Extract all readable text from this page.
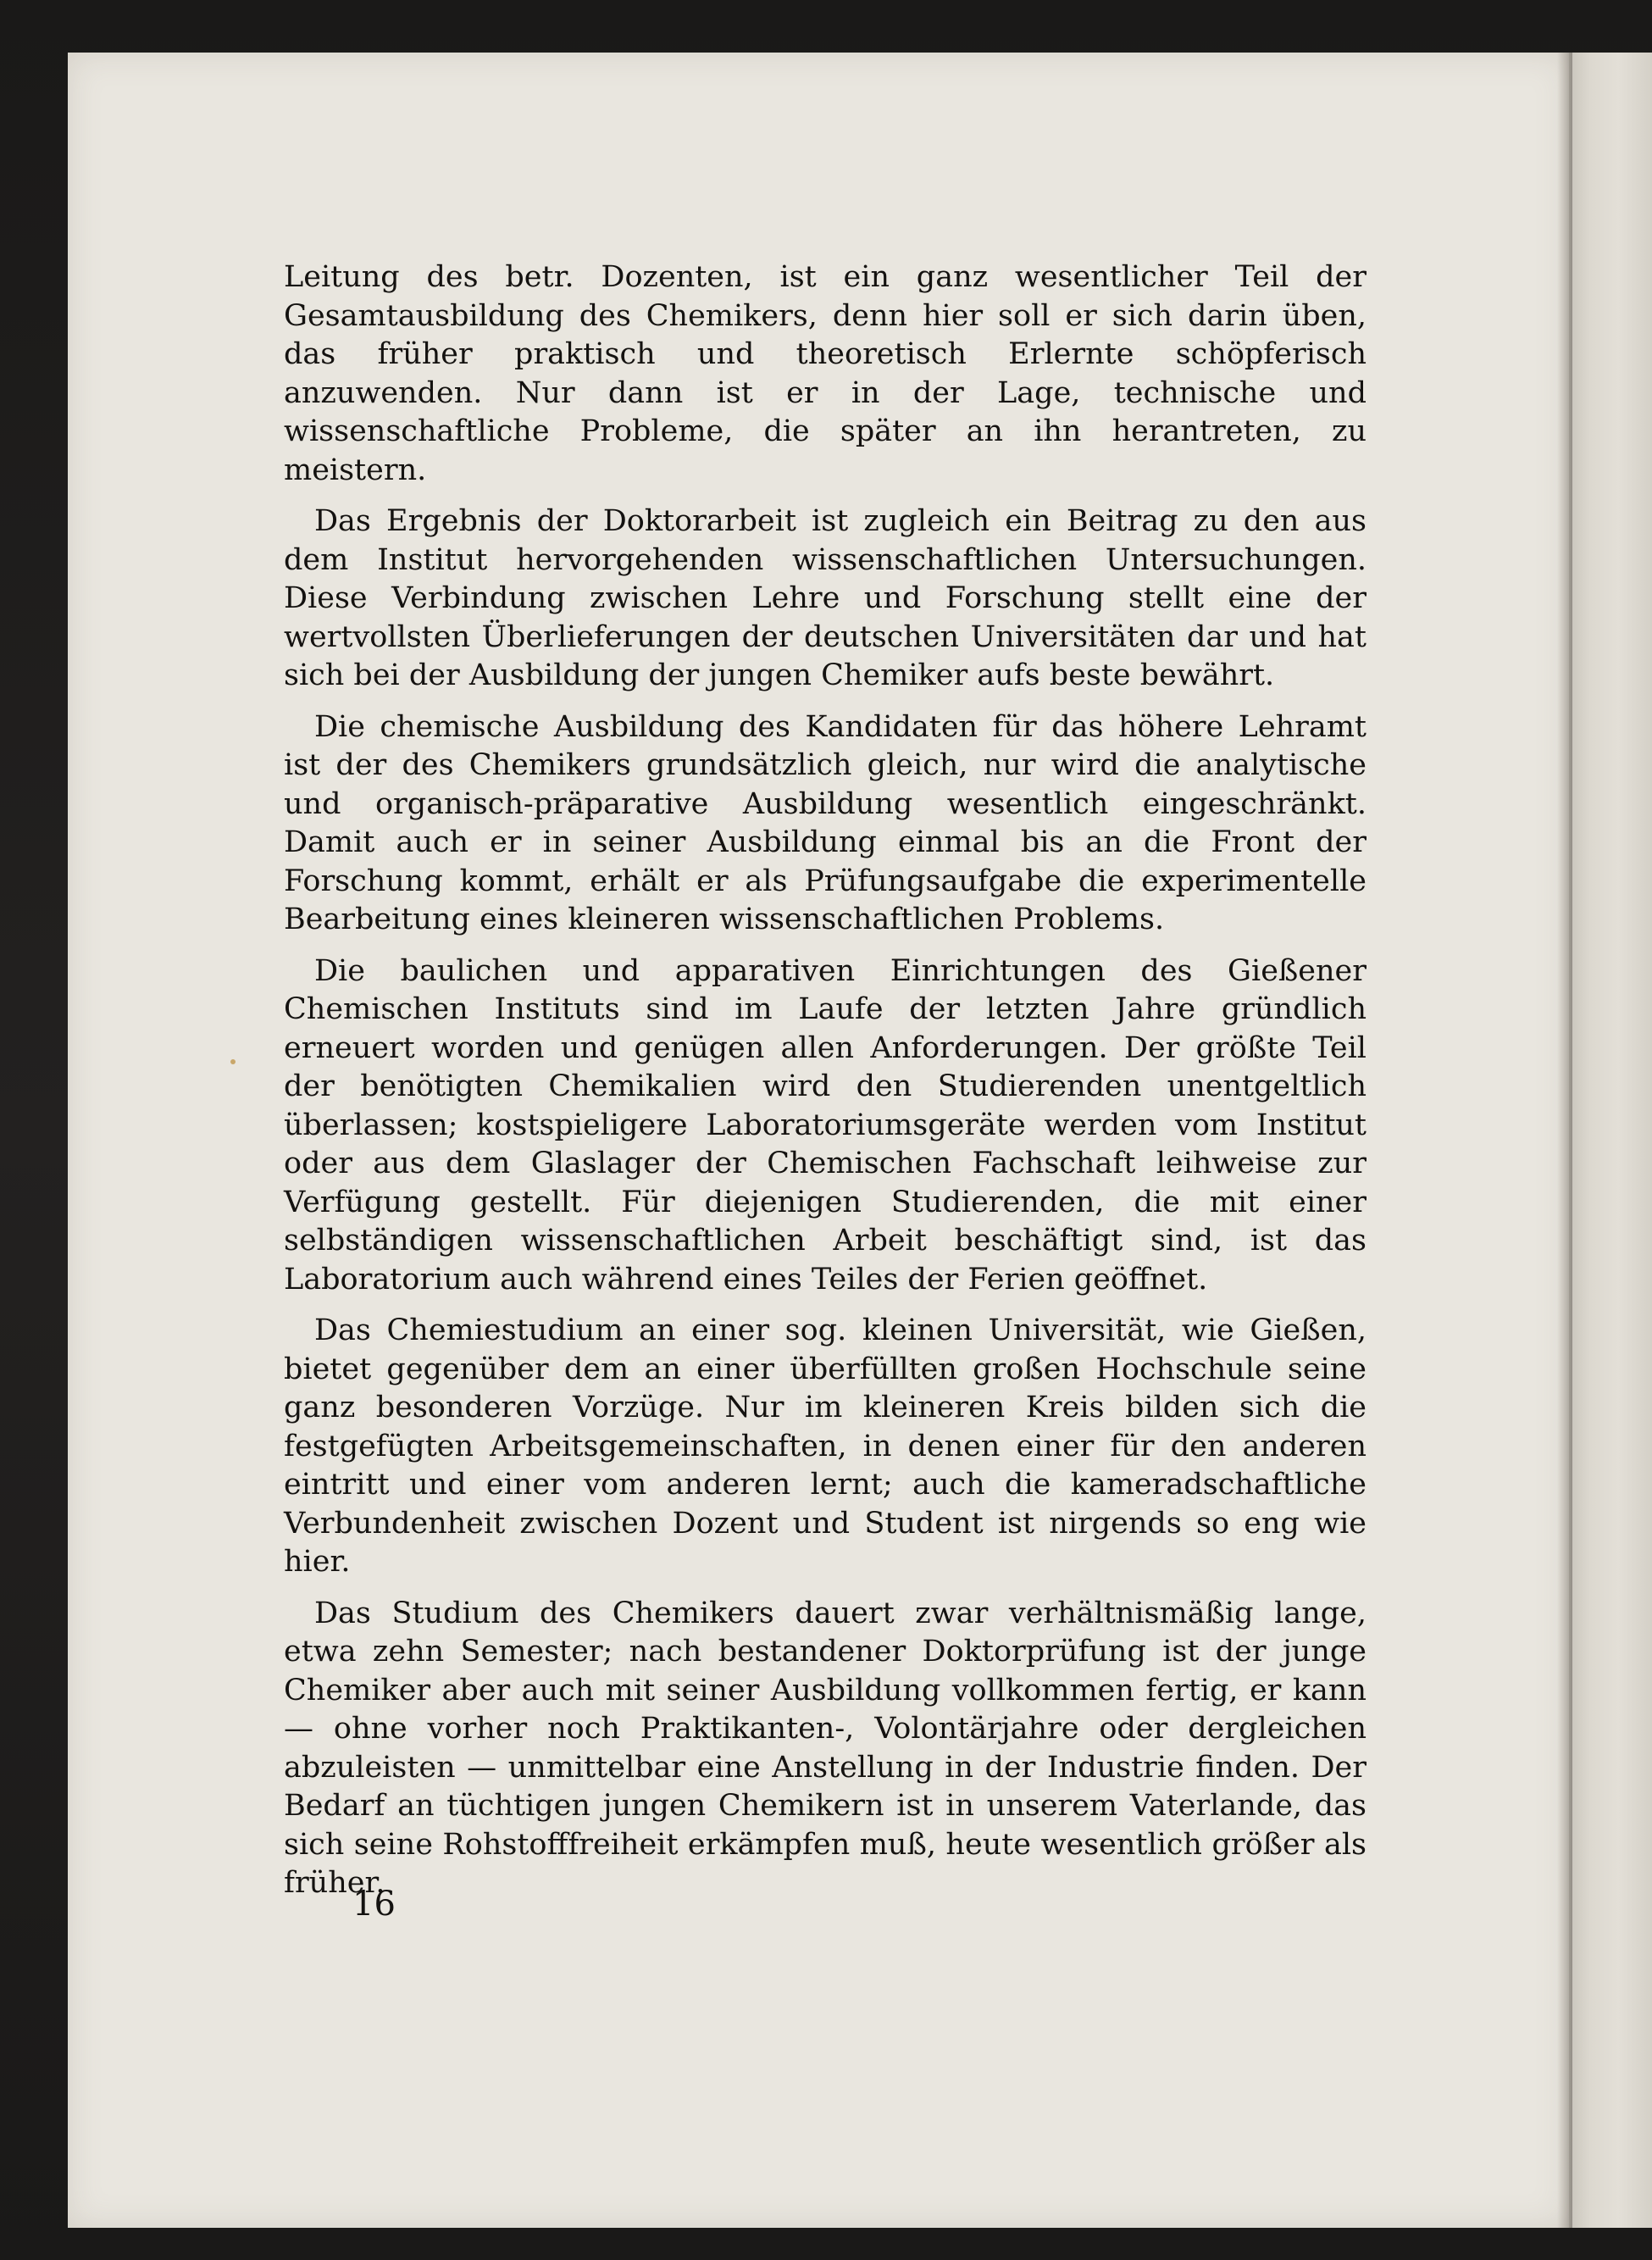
Leitung des betr. Dozenten, ist ein ganz wesentlicher Teil der Gesamtausbildung des Chemikers, denn hier soll er sich darin üben, das früher praktisch und theoretisch Erlernte schöpferisch anzuwenden. Nur dann ist er in der Lage, technische und wissenschaftliche Probleme, die später an ihn herantreten, zu meistern.

Das Ergebnis der Doktorarbeit ist zugleich ein Beitrag zu den aus dem Institut hervorgehenden wissenschaftlichen Untersuchungen. Diese Verbindung zwischen Lehre und Forschung stellt eine der wertvollsten Überlieferungen der deutschen Universitäten dar und hat sich bei der Ausbildung der jungen Chemiker aufs beste bewährt.

Die chemische Ausbildung des Kandidaten für das höhere Lehramt ist der des Chemikers grundsätzlich gleich, nur wird die analytische und organisch-präparative Ausbildung wesentlich eingeschränkt. Damit auch er in seiner Ausbildung einmal bis an die Front der Forschung kommt, erhält er als Prüfungsaufgabe die experimentelle Bearbeitung eines kleineren wissenschaftlichen Problems.

Die baulichen und apparativen Einrichtungen des Gießener Chemischen Instituts sind im Laufe der letzten Jahre gründlich erneuert worden und genügen allen Anforderungen. Der größte Teil der benötigten Chemikalien wird den Studierenden unentgeltlich überlassen; kostspieligere Laboratoriumsgeräte werden vom Institut oder aus dem Glaslager der Chemischen Fachschaft leihweise zur Verfügung gestellt. Für diejenigen Studierenden, die mit einer selbständigen wissenschaftlichen Arbeit beschäftigt sind, ist das Laboratorium auch während eines Teiles der Ferien geöffnet.

Das Chemiestudium an einer sog. kleinen Universität, wie Gießen, bietet gegenüber dem an einer überfüllten großen Hochschule seine ganz besonderen Vorzüge. Nur im kleineren Kreis bilden sich die festgefügten Arbeitsgemeinschaften, in denen einer für den anderen eintritt und einer vom anderen lernt; auch die kameradschaftliche Verbundenheit zwischen Dozent und Student ist nirgends so eng wie hier.

Das Studium des Chemikers dauert zwar verhältnismäßig lange, etwa zehn Semester; nach bestandener Doktorprüfung ist der junge Chemiker aber auch mit seiner Ausbildung vollkommen fertig, er kann — ohne vorher noch Praktikanten-, Volontärjahre oder dergleichen abzuleisten — unmittelbar eine Anstellung in der Industrie finden. Der Bedarf an tüchtigen jungen Chemikern ist in unserem Vaterlande, das sich seine Rohstofffreiheit erkämpfen muß, heute wesentlich größer als früher.

16
